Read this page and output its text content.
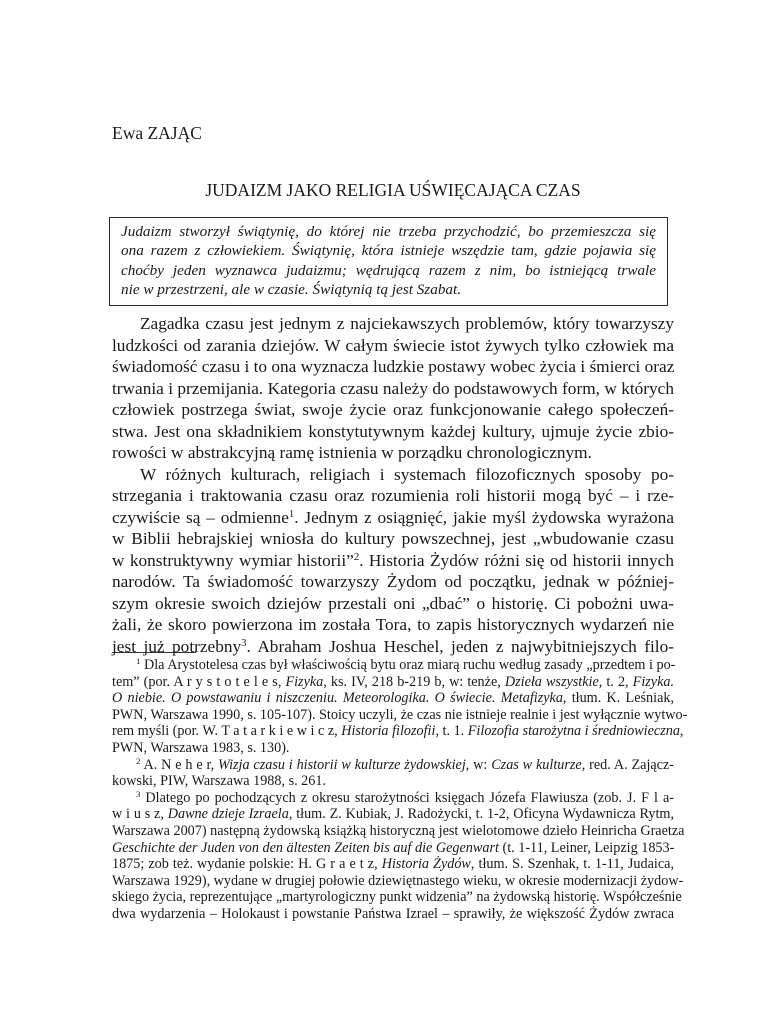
Ewa ZAJĄC
JUDAIZM JAKO RELIGIA UŚWIĘCAJĄCA CZAS
Judaizm stworzył świątynię, do której nie trzeba przychodzić, bo przemieszcza się
ona razem z człowiekiem. Świątynię, która istnieje wszędzie tam, gdzie pojawia się
choćby jeden wyznawca judaizmu; wędrującą razem z nim, bo istniejącą trwale
nie w przestrzeni, ale w czasie. Świątynią tą jest Szabat.
Zagadka czasu jest jednym z najciekawszych problemów, który towarzyszy
ludzkości od zarania dziejów. W całym świecie istot żywych tylko człowiek ma
świadomość czasu i to ona wyznacza ludzkie postawy wobec życia i śmierci oraz
trwania i przemijania. Kategoria czasu należy do podstawowych form, w których
człowiek postrzega świat, swoje życie oraz funkcjonowanie całego społeczeń-
stwa. Jest ona składnikiem konstytutywnym każdej kultury, ujmuje życie zbio-
rowości w abstrakcyjną ramę istnienia w porządku chronologicznym.
W różnych kulturach, religiach i systemach filozoficznych sposoby po-
strzegania i traktowania czasu oraz rozumienia roli historii mogą być – i rze-
czywiście są – odmienne$^1$. Jednym z osiągnięć, jakie myśl żydowska wyrażona
w Biblii hebrajskiej wniosła do kultury powszechnej, jest „wbudowanie czasu
w konstruktywny wymiar historii”$^2$. Historia Żydów różni się od historii innych
narodów. Ta świadomość towarzyszy Żydom od początku, jednak w później-
szym okresie swoich dziejów przestali oni „dbać” o historię. Ci pobożni uwa-
żali, że skoro powierzona im została Tora, to zapis historycznych wydarzeń nie
jest już potrzebny$^3$. Abraham Joshua Heschel, jeden z najwybitniejszych filo-
$^1$ Dla Arystotelesa czas był właściwością bytu oraz miarą ruchu według zasady „przedtem i po-
tem” (por. A r y s t o t e l e s, Fizyka, ks. IV, 218 b-219 b, w: tenże, Dzieła wszystkie, t. 2, Fizyka.
O niebie. O powstawaniu i niszczeniu. Meteorologika. O świecie. Metafizyka, tłum. K. Leśniak,
PWN, Warszawa 1990, s. 105-107). Stoicy uczyli, że czas nie istnieje realnie i jest wyłącznie wytwo-
rem myśli (por. W. T a t a r k i e w i c z, Historia filozofii, t. 1. Filozofia starożytna i średniowieczna,
PWN, Warszawa 1983, s. 130).
$^2$ A. N e h e r, Wizja czasu i historii w kulturze żydowskiej, w: Czas w kulturze, red. A. Zającz-
kowski, PIW, Warszawa 1988, s. 261.
$^3$ Dlatego po pochodzących z okresu starożytności księgach Józefa Flawiusza (zob. J. F l a-
w i u s z, Dawne dzieje Izraela, tłum. Z. Kubiak, J. Radożycki, t. 1-2, Oficyna Wydawnicza Rytm,
Warszawa 2007) następną żydowską książką historyczną jest wielotomowe dzieło Heinricha Graetza
Geschichte der Juden von den ältesten Zeiten bis auf die Gegenwart (t. 1-11, Leiner, Leipzig 1853-
1875; zob też. wydanie polskie: H. G r a e t z, Historia Żydów, tłum. S. Szenhak, t. 1-11, Judaica,
Warszawa 1929), wydane w drugiej połowie dziewiętnastego wieku, w okresie modernizacji żydow-
skiego życia, reprezentujące „martyrologiczny punkt widzenia” na żydowską historię. Współcześnie
dwa wydarzenia – Holokaust i powstanie Państwa Izrael – sprawiły, że większość Żydów zwraca
